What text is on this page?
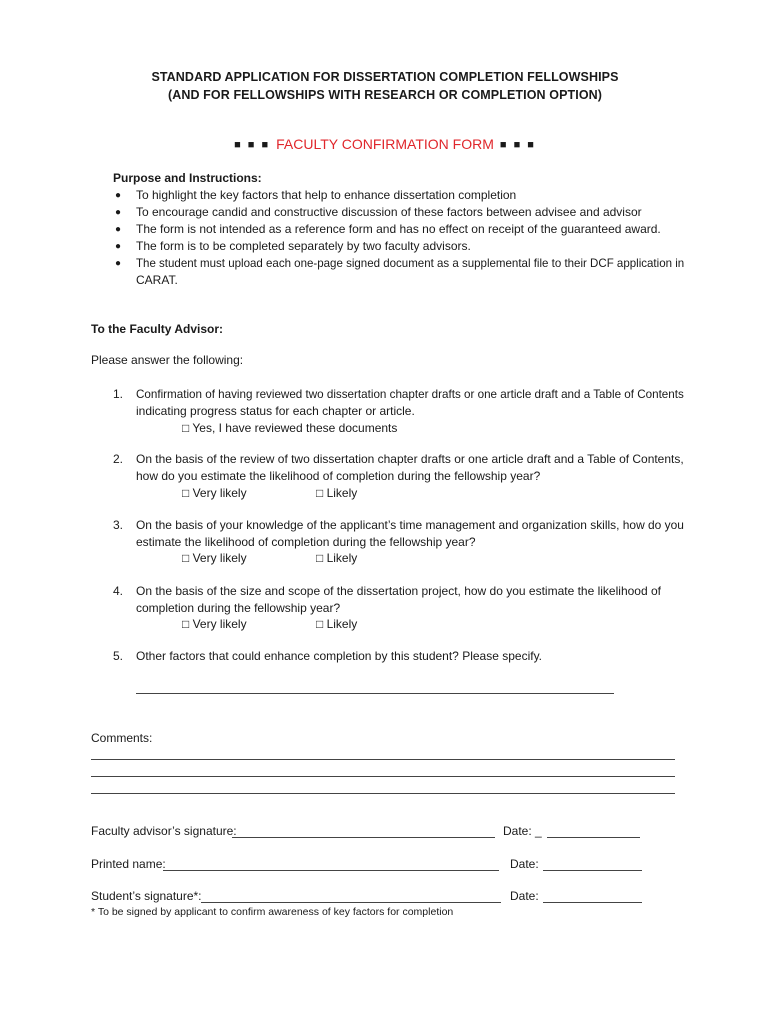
STANDARD APPLICATION FOR DISSERTATION COMPLETION FELLOWSHIPS
(AND FOR FELLOWSHIPS WITH RESEARCH OR COMPLETION OPTION)
■ ■ ■ FACULTY CONFIRMATION FORM ■ ■ ■
Purpose and Instructions:
● To highlight the key factors that help to enhance dissertation completion
● To encourage candid and constructive discussion of these factors between advisee and advisor
● The form is not intended as a reference form and has no effect on receipt of the guaranteed award.
● The form is to be completed separately by two faculty advisors.
● The student must upload each one-page signed document as a supplemental file to their DCF application in
CARAT.
To the Faculty Advisor:
Please answer the following:
1. Confirmation of having reviewed two dissertation chapter drafts or one article draft and a Table of Contents
indicating progress status for each chapter or article.
□ Yes, I have reviewed these documents
2. On the basis of the review of two dissertation chapter drafts or one article draft and a Table of Contents,
how do you estimate the likelihood of completion during the fellowship year?
□ Very likely	□ Likely
3. On the basis of your knowledge of the applicant’s time management and organization skills, how do you
estimate the likelihood of completion during the fellowship year?
□ Very likely	□ Likely
4. On the basis of the size and scope of the dissertation project, how do you estimate the likelihood of
completion during the fellowship year?
□ Very likely	□ Likely
5. Other factors that could enhance completion by this student? Please specify.
Comments:
Faculty advisor’s signature:	Date: _
Printed name:	Date:
Student’s signature*:	Date:
* To be signed by applicant to confirm awareness of key factors for completion
